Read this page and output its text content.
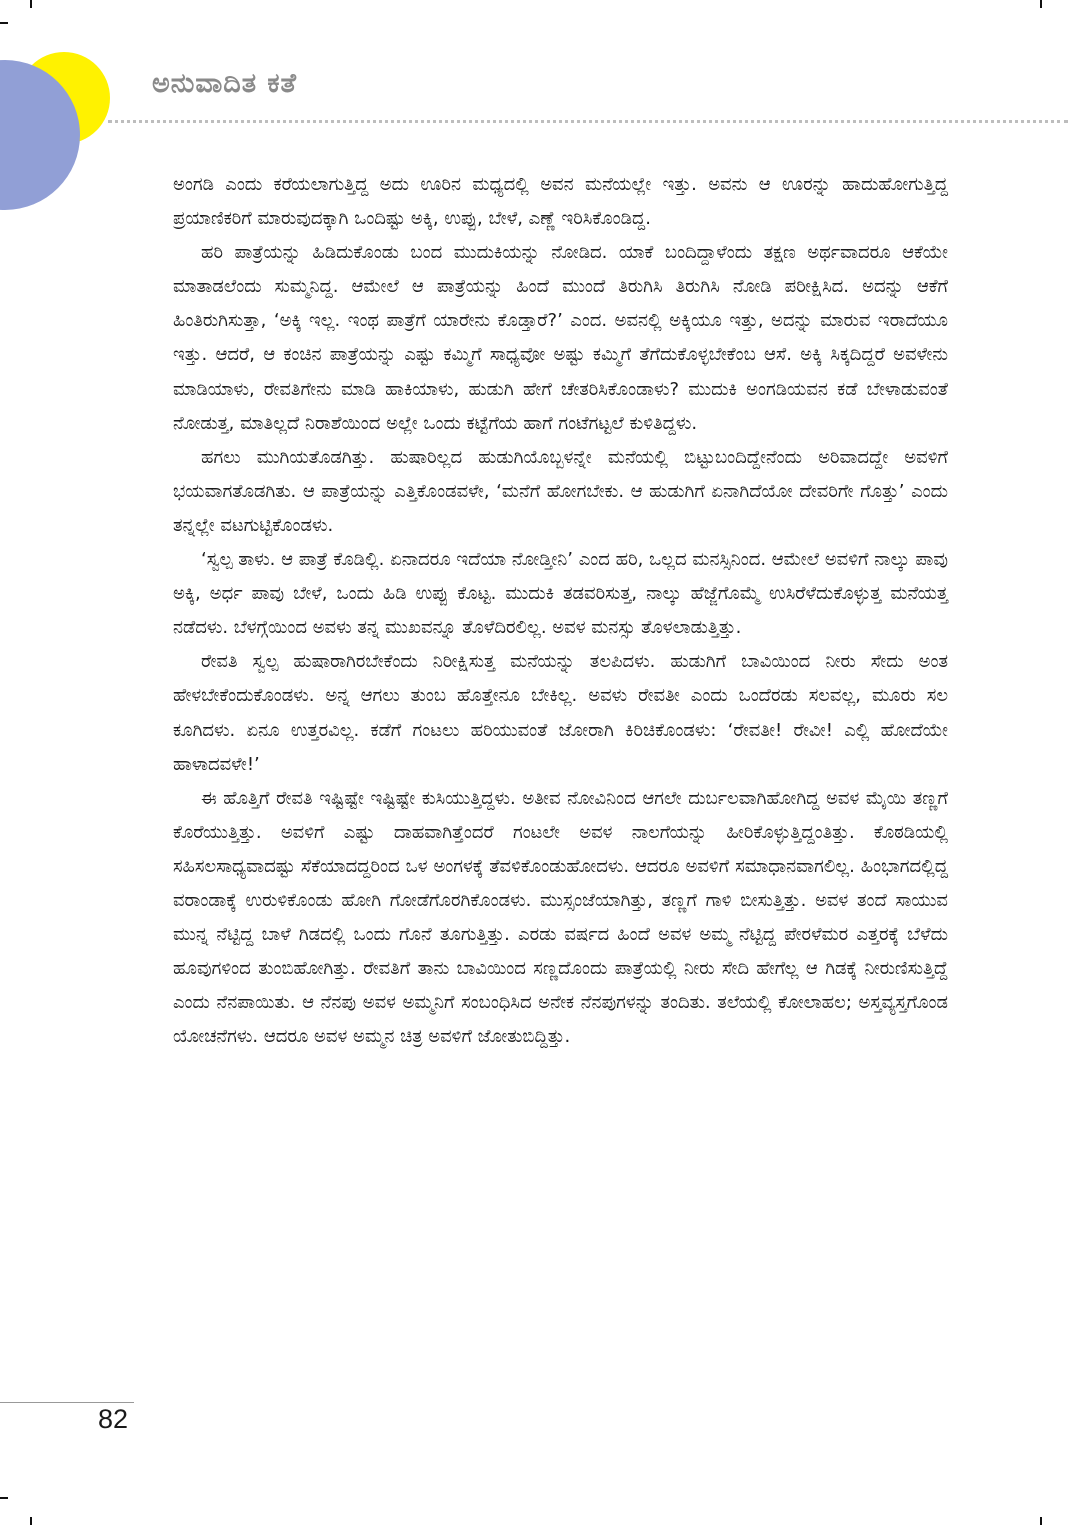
ಅನುವಾದಿತ ಕತೆ

ಅಂಗಡಿ ಎಂದು ಕರೆಯಲಾಗುತ್ತಿದ್ದ ಅದು ಊರಿನ ಮಧ್ಯದಲ್ಲಿ ಅವನ ಮನೆಯಲ್ಲೇ ಇತ್ತು. ಅವನು ಆ ಊರನ್ನು ಹಾದುಹೋಗುತ್ತಿದ್ದ ಪ್ರಯಾಣಿಕರಿಗೆ ಮಾರುವುದಕ್ಕಾಗಿ ಒಂದಿಷ್ಟು ಅಕ್ಕಿ, ಉಪ್ಪು, ಬೇಳೆ, ಎಣ್ಣೆ ಇರಿಸಿಕೊಂಡಿದ್ದ.

ಹರಿ ಪಾತ್ರೆಯನ್ನು ಹಿಡಿದುಕೊಂಡು ಬಂದ ಮುದುಕಿಯನ್ನು ನೋಡಿದ. ಯಾಕೆ ಬಂದಿದ್ದಾಳೆಂದು ತಕ್ಷಣ ಅರ್ಥವಾದರೂ ಆಕೆಯೇ ಮಾತಾಡಲೆಂದು ಸುಮ್ಮನಿದ್ದ. ಆಮೇಲೆ ಆ ಪಾತ್ರೆಯನ್ನು ಹಿಂದೆ ಮುಂದೆ ತಿರುಗಿಸಿ ತಿರುಗಿಸಿ ನೋಡಿ ಪರೀಕ್ಷಿಸಿದ. ಅದನ್ನು ಆಕೆಗೆ ಹಿಂತಿರುಗಿಸುತ್ತಾ, ‘ಅಕ್ಕಿ ಇಲ್ಲ. ಇಂಥ ಪಾತ್ರೆಗೆ ಯಾರೇನು ಕೊಡ್ತಾರೆ?’ ಎಂದ. ಅವನಲ್ಲಿ ಅಕ್ಕಿಯೂ ಇತ್ತು, ಅದನ್ನು ಮಾರುವ ಇರಾದೆಯೂ ಇತ್ತು. ಆದರೆ, ಆ ಕಂಚಿನ ಪಾತ್ರೆಯನ್ನು ಎಷ್ಟು ಕಮ್ಮಿಗೆ ಸಾಧ್ಯವೋ ಅಷ್ಟು ಕಮ್ಮಿಗೆ ತೆಗೆದುಕೊಳ್ಳಬೇಕೆಂಬ ಆಸೆ. ಅಕ್ಕಿ ಸಿಕ್ಕದಿದ್ದರೆ ಅವಳೇನು ಮಾಡಿಯಾಳು, ರೇವತಿಗೇನು ಮಾಡಿ ಹಾಕಿಯಾಳು, ಹುಡುಗಿ ಹೇಗೆ ಚೇತರಿಸಿಕೊಂಡಾಳು? ಮುದುಕಿ ಅಂಗಡಿಯವನ ಕಡೆ ಬೇಳಾಡುವಂತೆ ನೋಡುತ್ತ, ಮಾತಿಲ್ಲದೆ ನಿರಾಶೆಯಿಂದ ಅಲ್ಲೇ ಒಂದು ಕಟ್ಟೆಗೆಯ ಹಾಗೆ ಗಂಟೆಗಟ್ಟಲೆ ಕುಳಿತಿದ್ದಳು.

ಹಗಲು ಮುಗಿಯತೊಡಗಿತ್ತು. ಹುಷಾರಿಲ್ಲದ ಹುಡುಗಿಯೊಬ್ಬಳನ್ನೇ ಮನೆಯಲ್ಲಿ ಬಿಟ್ಟುಬಂದಿದ್ದೇನೆಂದು ಅರಿವಾದದ್ದೇ ಅವಳಿಗೆ ಭಯವಾಗತೊಡಗಿತು. ಆ ಪಾತ್ರೆಯನ್ನು ಎತ್ತಿಕೊಂಡವಳೇ, ‘ಮನೆಗೆ ಹೋಗಬೇಕು. ಆ ಹುಡುಗಿಗೆ ಏನಾಗಿದೆಯೋ ದೇವರಿಗೇ ಗೊತ್ತು’ ಎಂದು ತನ್ನಲ್ಲೇ ವಟಗುಟ್ಟಿಕೊಂಡಳು.

‘ಸ್ವಲ್ಪ ತಾಳು. ಆ ಪಾತ್ರೆ ಕೊಡಿಲ್ಲಿ. ಏನಾದರೂ ಇದೆಯಾ ನೋಡ್ತೀನಿ’ ಎಂದ ಹರಿ, ಒಲ್ಲದ ಮನಸ್ಸಿನಿಂದ. ಆಮೇಲೆ ಅವಳಿಗೆ ನಾಲ್ಕು ಪಾವು ಅಕ್ಕಿ, ಅರ್ಧ ಪಾವು ಬೇಳೆ, ಒಂದು ಹಿಡಿ ಉಪ್ಪು ಕೊಟ್ಟ. ಮುದುಕಿ ತಡವರಿಸುತ್ತ, ನಾಲ್ಕು ಹೆಜ್ಜೆಗೊಮ್ಮೆ ಉಸಿರೆಳೆದುಕೊಳ್ಳುತ್ತ ಮನೆಯತ್ತ ನಡೆದಳು. ಬೆಳಗ್ಗೆಯಿಂದ ಅವಳು ತನ್ನ ಮುಖವನ್ನೂ ತೊಳೆದಿರಲಿಲ್ಲ. ಅವಳ ಮನಸ್ಸು ತೊಳಲಾಡುತ್ತಿತ್ತು.

ರೇವತಿ ಸ್ವಲ್ಪ ಹುಷಾರಾಗಿರಬೇಕೆಂದು ನಿರೀಕ್ಷಿಸುತ್ತ ಮನೆಯನ್ನು ತಲಪಿದಳು. ಹುಡುಗಿಗೆ ಬಾವಿಯಿಂದ ನೀರು ಸೇದು ಅಂತ ಹೇಳಬೇಕೆಂದುಕೊಂಡಳು. ಅನ್ನ ಆಗಲು ತುಂಬ ಹೊತ್ತೇನೂ ಬೇಕಿಲ್ಲ. ಅವಳು ರೇವತೀ ಎಂದು ಒಂದೆರಡು ಸಲವಲ್ಲ, ಮೂರು ಸಲ ಕೂಗಿದಳು. ಏನೂ ಉತ್ತರವಿಲ್ಲ. ಕಡೆಗೆ ಗಂಟಲು ಹರಿಯುವಂತೆ ಜೋರಾಗಿ ಕಿರಿಚಿಕೊಂಡಳು: ‘ರೇವತೀ! ರೇವೀ! ಎಲ್ಲಿ ಹೋದೆಯೇ ಹಾಳಾದವಳೇ!’

ಈ ಹೊತ್ತಿಗೆ ರೇವತಿ ಇಷ್ಟಿಷ್ಟೇ ಇಷ್ಟಿಷ್ಟೇ ಕುಸಿಯುತ್ತಿದ್ದಳು. ಅತೀವ ನೋವಿನಿಂದ ಆಗಲೇ ದುರ್ಬಲವಾಗಿಹೋಗಿದ್ದ ಅವಳ ಮೈಯಿ ತಣ್ಣಗೆ ಕೊರೆಯುತ್ತಿತ್ತು. ಅವಳಿಗೆ ಎಷ್ಟು ದಾಹವಾಗಿತ್ತೆಂದರೆ ಗಂಟಲೇ ಅವಳ ನಾಲಗೆಯನ್ನು ಹೀರಿಕೊಳ್ಳುತ್ತಿದ್ದಂತಿತ್ತು. ಕೊಠಡಿಯಲ್ಲಿ ಸಹಿಸಲಸಾಧ್ಯವಾದಷ್ಟು ಸೆಕೆಯಾದದ್ದರಿಂದ ಒಳ ಅಂಗಳಕ್ಕೆ ತೆವಳಿಕೊಂಡುಹೋದಳು. ಆದರೂ ಅವಳಿಗೆ ಸಮಾಧಾನವಾಗಲಿಲ್ಲ. ಹಿಂಭಾಗದಲ್ಲಿದ್ದ ವರಾಂಡಾಕ್ಕೆ ಉರುಳಿಕೊಂಡು ಹೋಗಿ ಗೋಡೆಗೊರಗಿಕೊಂಡಳು. ಮುಸ್ಸಂಜೆಯಾಗಿತ್ತು, ತಣ್ಣಗೆ ಗಾಳಿ ಬೀಸುತ್ತಿತ್ತು. ಅವಳ ತಂದೆ ಸಾಯುವ ಮುನ್ನ ನೆಟ್ಟಿದ್ದ ಬಾಳೆ ಗಿಡದಲ್ಲಿ ಒಂದು ಗೊನೆ ತೂಗುತ್ತಿತ್ತು. ಎರಡು ವರ್ಷದ ಹಿಂದೆ ಅವಳ ಅಮ್ಮ ನೆಟ್ಟಿದ್ದ ಪೇರಳೆಮರ ಎತ್ತರಕ್ಕೆ ಬೆಳೆದು ಹೂವುಗಳಿಂದ ತುಂಬಿಹೋಗಿತ್ತು. ರೇವತಿಗೆ ತಾನು ಬಾವಿಯಿಂದ ಸಣ್ಣದೊಂದು ಪಾತ್ರೆಯಲ್ಲಿ ನೀರು ಸೇದಿ ಹೇಗೆಲ್ಲ ಆ ಗಿಡಕ್ಕೆ ನೀರುಣಿಸುತ್ತಿದ್ದೆ ಎಂದು ನೆನಪಾಯಿತು. ಆ ನೆನಪು ಅವಳ ಅಮ್ಮನಿಗೆ ಸಂಬಂಧಿಸಿದ ಅನೇಕ ನೆನಪುಗಳನ್ನು ತಂದಿತು. ತಲೆಯಲ್ಲಿ ಕೋಲಾಹಲ; ಅಸ್ತವ್ಯಸ್ತಗೊಂಡ ಯೋಚನೆಗಳು. ಆದರೂ ಅವಳ ಅಮ್ಮನ ಚಿತ್ರ ಅವಳಿಗೆ ಜೋತುಬಿದ್ದಿತ್ತು.

82
